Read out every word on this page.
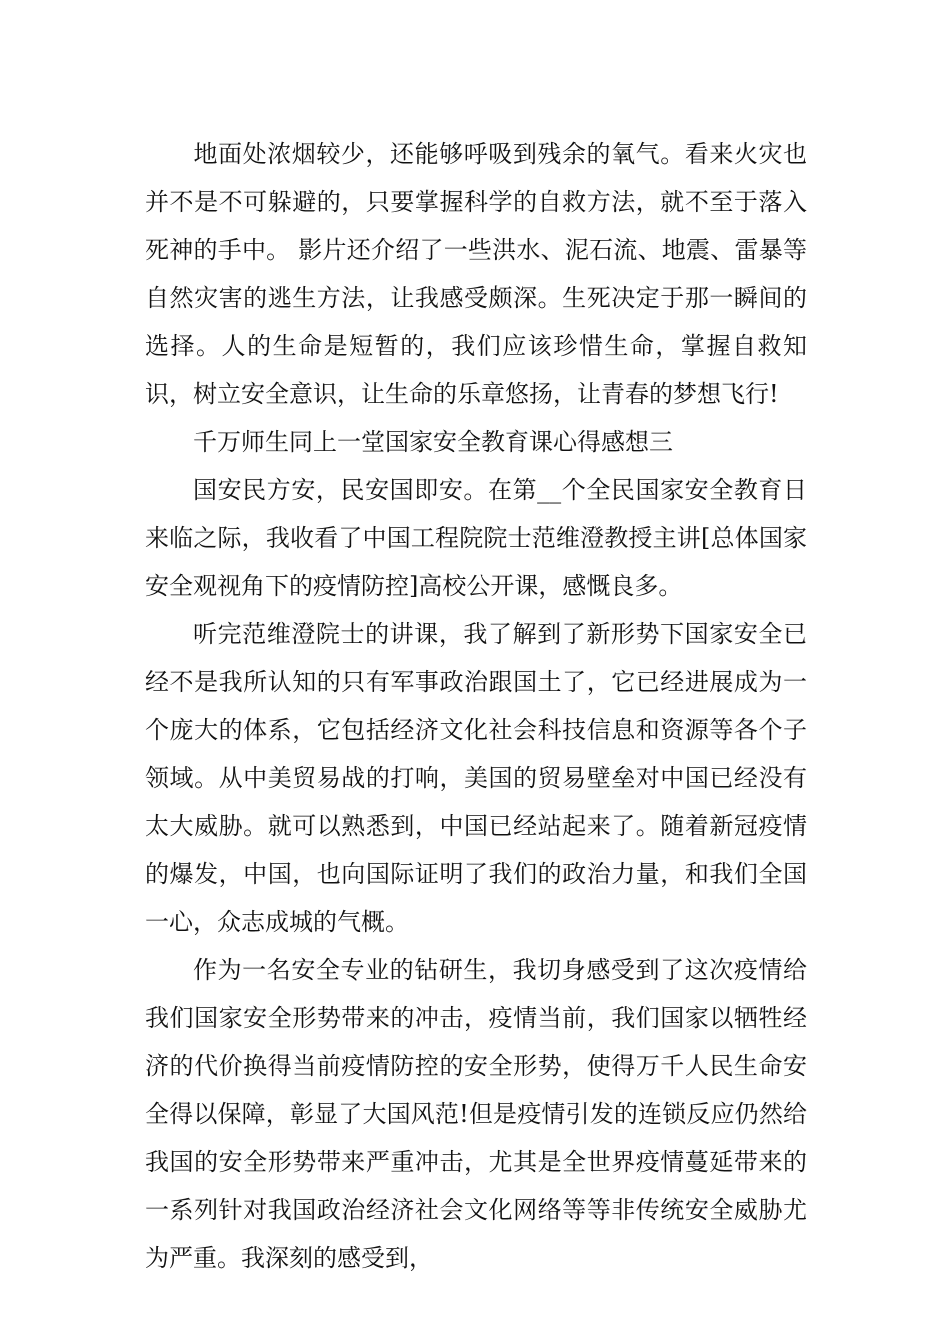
地面处浓烟较少，还能够呼吸到残余的氧气。看来火灾也并不是不可躲避的，只要掌握科学的自救方法，就不至于落入死神的手中。 影片还介绍了一些洪水、泥石流、地震、雷暴等自然灾害的逃生方法，让我感受颇深。生死决定于那一瞬间的选择。人的生命是短暂的，我们应该珍惜生命，掌握自救知识，树立安全意识，让生命的乐章悠扬，让青春的梦想飞行!

千万师生同上一堂国家安全教育课心得感想三

国安民方安，民安国即安。在第__个全民国家安全教育日来临之际，我收看了中国工程院院士范维澄教授主讲[总体国家安全观视角下的疫情防控]高校公开课，感慨良多。

听完范维澄院士的讲课，我了解到了新形势下国家安全已经不是我所认知的只有军事政治跟国土了，它已经进展成为一个庞大的体系，它包括经济文化社会科技信息和资源等各个子领域。从中美贸易战的打响，美国的贸易壁垒对中国已经没有太大威胁。就可以熟悉到，中国已经站起来了。随着新冠疫情的爆发，中国，也向国际证明了我们的政治力量，和我们全国一心，众志成城的气概。

作为一名安全专业的钻研生，我切身感受到了这次疫情给我们国家安全形势带来的冲击，疫情当前，我们国家以牺牲经济的代价换得当前疫情防控的安全形势，使得万千人民生命安全得以保障，彰显了大国风范!但是疫情引发的连锁反应仍然给我国的安全形势带来严重冲击，尤其是全世界疫情蔓延带来的一系列针对我国政治经济社会文化网络等等非传统安全威胁尤为严重。我深刻的感受到，
